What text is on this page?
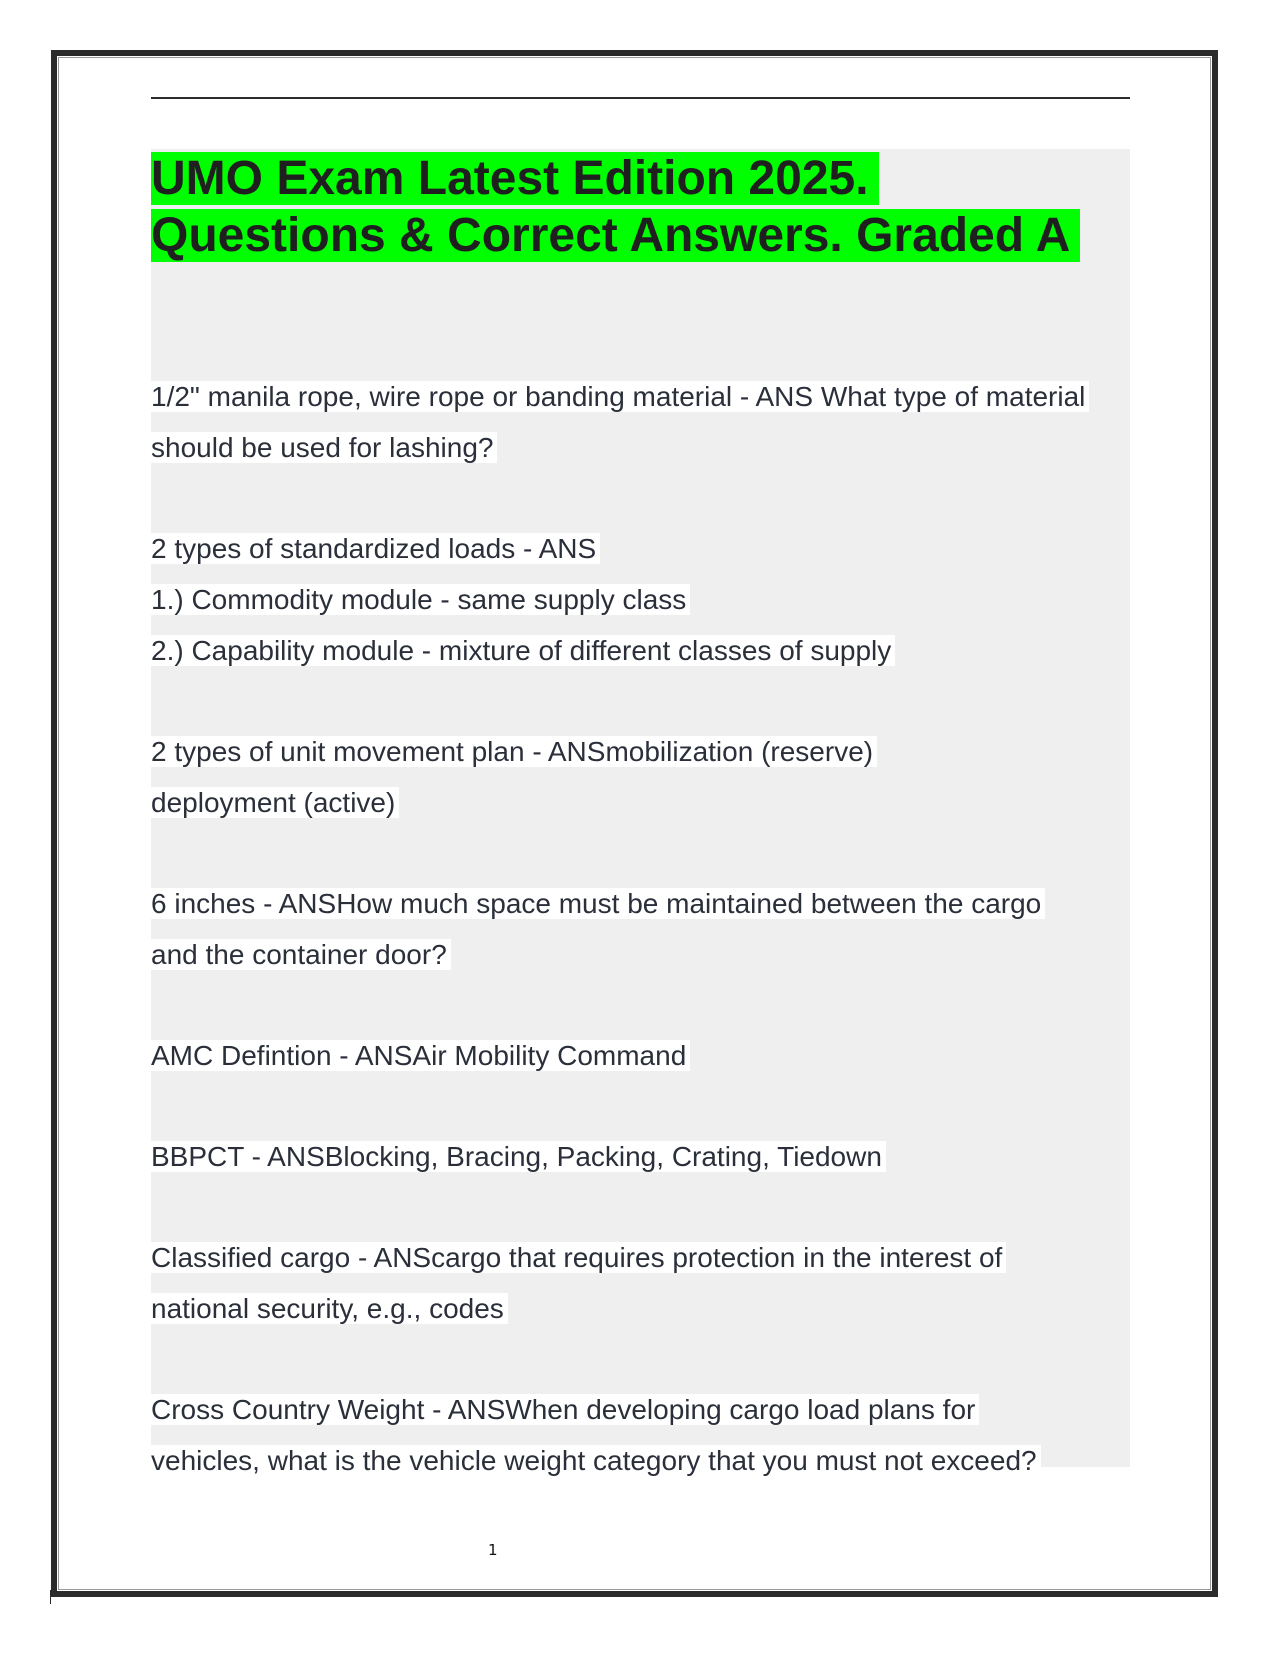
UMO Exam Latest Edition 2025.
Questions & Correct Answers. Graded A
1/2" manila rope, wire rope or banding material - ANS What type of material
should be used for lashing?
2 types of standardized loads - ANS
1.) Commodity module - same supply class
2.) Capability module - mixture of different classes of supply
2 types of unit movement plan - ANSmobilization (reserve)
deployment (active)
6 inches - ANSHow much space must be maintained between the cargo
and the container door?
AMC Defintion - ANSAir Mobility Command
BBPCT - ANSBlocking, Bracing, Packing, Crating, Tiedown
Classified cargo - ANScargo that requires protection in the interest of
national security, e.g., codes
Cross Country Weight - ANSWhen developing cargo load plans for
vehicles, what is the vehicle weight category that you must not exceed?
1
